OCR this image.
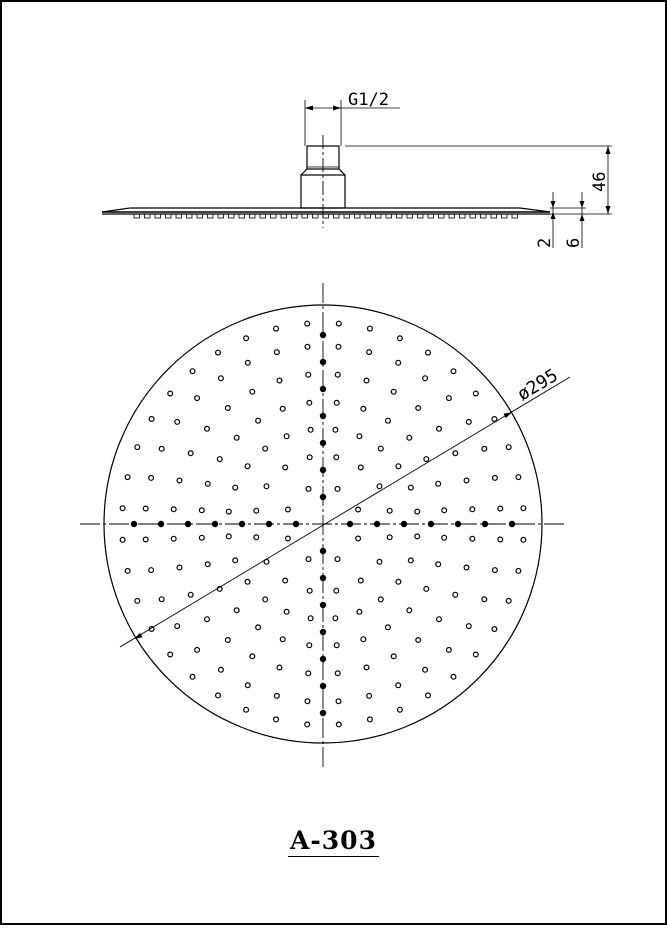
G1/2
46
2 6
ø295
A-303
